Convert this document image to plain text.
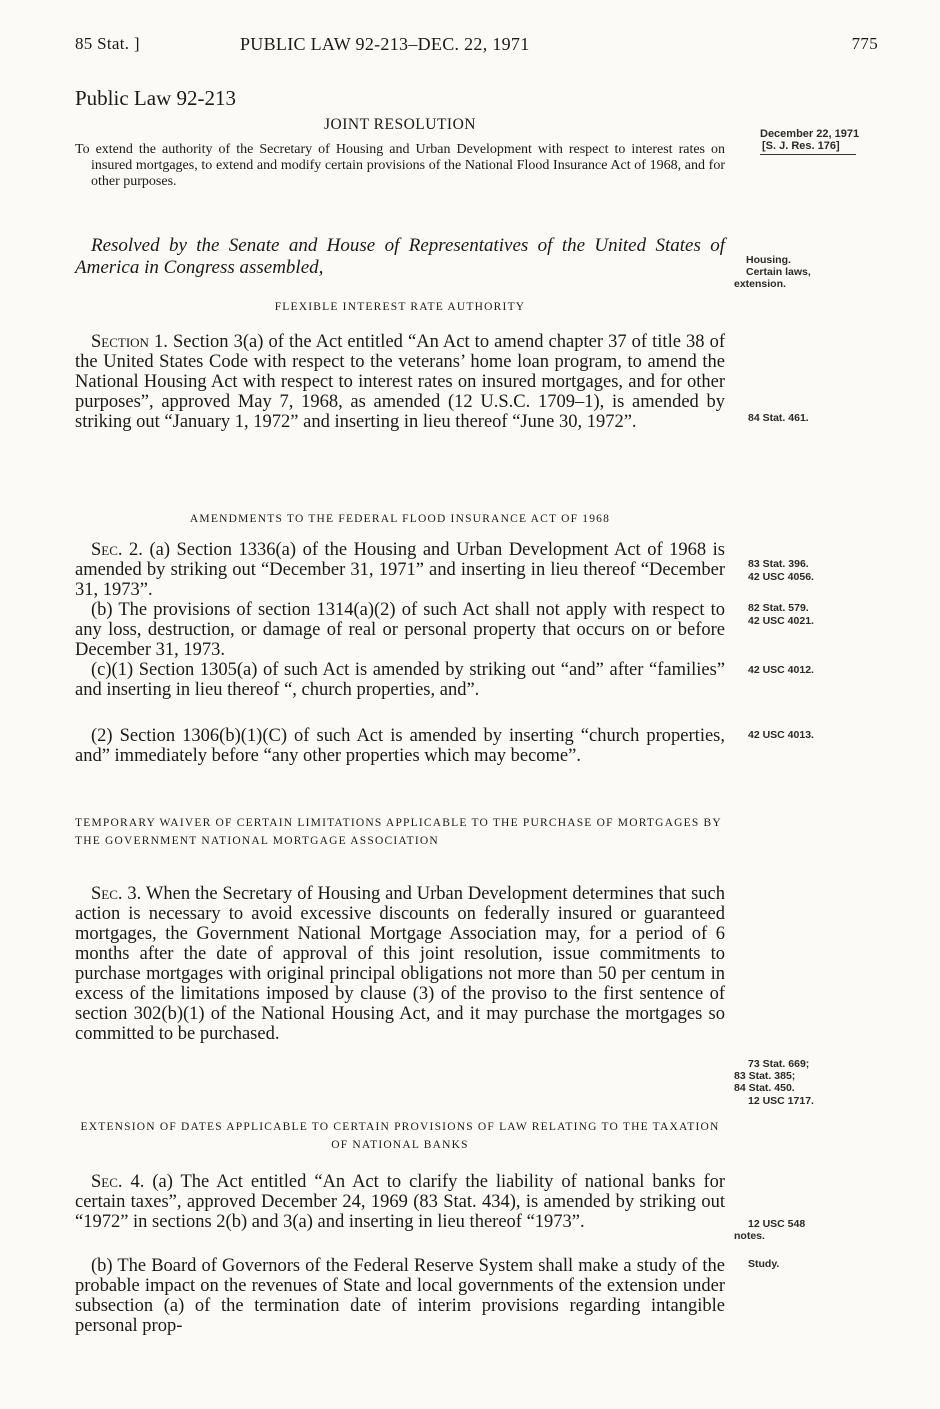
85 Stat. ]	PUBLIC LAW 92-213–DEC. 22, 1971	775
Public Law 92-213
JOINT RESOLUTION
December 22, 1971
[S. J. Res. 176]
To extend the authority of the Secretary of Housing and Urban Development with respect to interest rates on insured mortgages, to extend and modify certain provisions of the National Flood Insurance Act of 1968, and for other purposes.
Resolved by the Senate and House of Representatives of the United States of America in Congress assembled,	Housing.
Certain laws,
extension.
FLEXIBLE INTEREST RATE AUTHORITY

Section 1. Section 3(a) of the Act entitled “An Act to amend chapter 37 of title 38 of the United States Code with respect to the veterans’ home loan program, to amend the National Housing Act with respect to interest rates on insured mortgages, and for other purposes”, approved May 7, 1968, as amended (12 U.S.C. 1709–1), is amended by striking out “January 1, 1972” and inserting in lieu thereof “June 30, 1972”.	84 Stat. 461.
AMENDMENTS TO THE FEDERAL FLOOD INSURANCE ACT OF 1968

Sec. 2. (a) Section 1336(a) of the Housing and Urban Development Act of 1968 is amended by striking out “December 31, 1971” and inserting in lieu thereof “December 31, 1973”.

(b) The provisions of section 1314(a)(2) of such Act shall not apply with respect to any loss, destruction, or damage of real or personal property that occurs on or before December 31, 1973.

(c)(1) Section 1305(a) of such Act is amended by striking out “and” after “families” and inserting in lieu thereof “, church properties, and”.

(2) Section 1306(b)(1)(C) of such Act is amended by inserting “church properties, and” immediately before “any other properties which may become”.

83 Stat. 396.
42 USC 4056.
82 Stat. 579.
42 USC 4021.
42 USC 4012.
42 USC 4013.
TEMPORARY WAIVER OF CERTAIN LIMITATIONS APPLICABLE TO THE PURCHASE OF MORTGAGES BY THE GOVERNMENT NATIONAL MORTGAGE ASSOCIATION

Sec. 3. When the Secretary of Housing and Urban Development determines that such action is necessary to avoid excessive discounts on federally insured or guaranteed mortgages, the Government National Mortgage Association may, for a period of 6 months after the date of approval of this joint resolution, issue commitments to purchase mortgages with original principal obligations not more than 50 per centum in excess of the limitations imposed by clause (3) of the proviso to the first sentence of section 302(b)(1) of the National Housing Act, and it may purchase the mortgages so committed to be purchased.

73 Stat. 669;
83 Stat. 385;
84 Stat. 450.
12 USC 1717.
EXTENSION OF DATES APPLICABLE TO CERTAIN PROVISIONS OF LAW RELATING TO THE TAXATION OF NATIONAL BANKS

Sec. 4. (a) The Act entitled “An Act to clarify the liability of national banks for certain taxes”, approved December 24, 1969 (83 Stat. 434), is amended by striking out “1972” in sections 2(b) and 3(a) and inserting in lieu thereof “1973”.

(b) The Board of Governors of the Federal Reserve System shall make a study of the probable impact on the revenues of State and local governments of the extension under subsection (a) of the termination date of interim provisions regarding intangible personal prop-

12 USC 548
notes.
Study.
